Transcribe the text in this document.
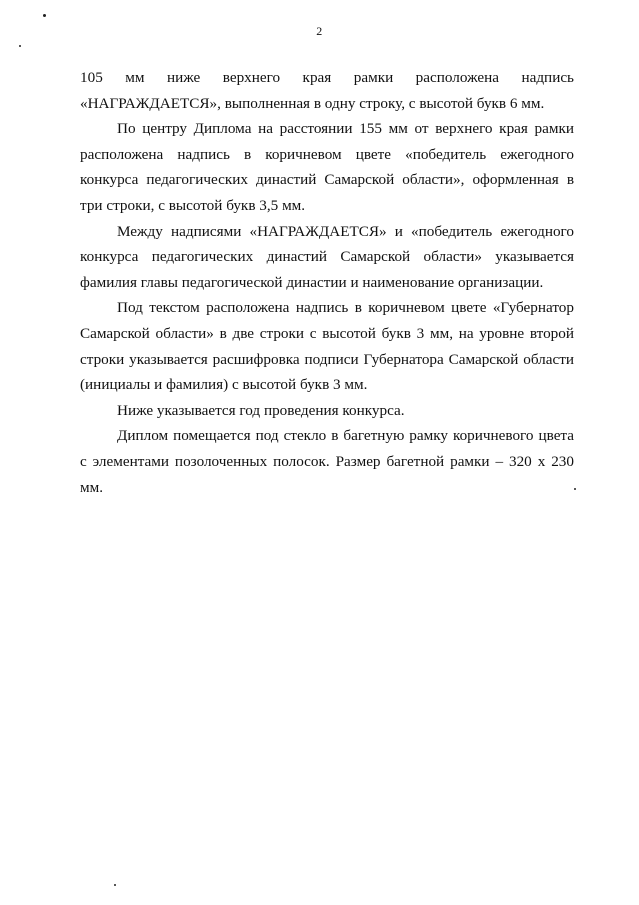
2

105 мм ниже верхнего края рамки расположена надпись «НАГРАЖДАЕТСЯ», выполненная в одну строку, с высотой букв 6 мм.

По центру Диплома на расстоянии 155 мм от верхнего края рамки расположена надпись в коричневом цвете «победитель ежегодного конкурса педагогических династий Самарской области», оформленная в три строки, с высотой букв 3,5 мм.

Между надписями «НАГРАЖДАЕТСЯ» и «победитель ежегодного конкурса педагогических династий Самарской области» указывается фамилия главы педагогической династии и наименование организации.

Под текстом расположена надпись в коричневом цвете «Губернатор Самарской области» в две строки с высотой букв 3 мм, на уровне второй строки указывается расшифровка подписи Губернатора Самарской области (инициалы и фамилия) с высотой букв 3 мм.

Ниже указывается год проведения конкурса.

Диплом помещается под стекло в багетную рамку коричневого цвета с элементами позолоченных полосок. Размер багетной рамки – 320 х 230 мм.
